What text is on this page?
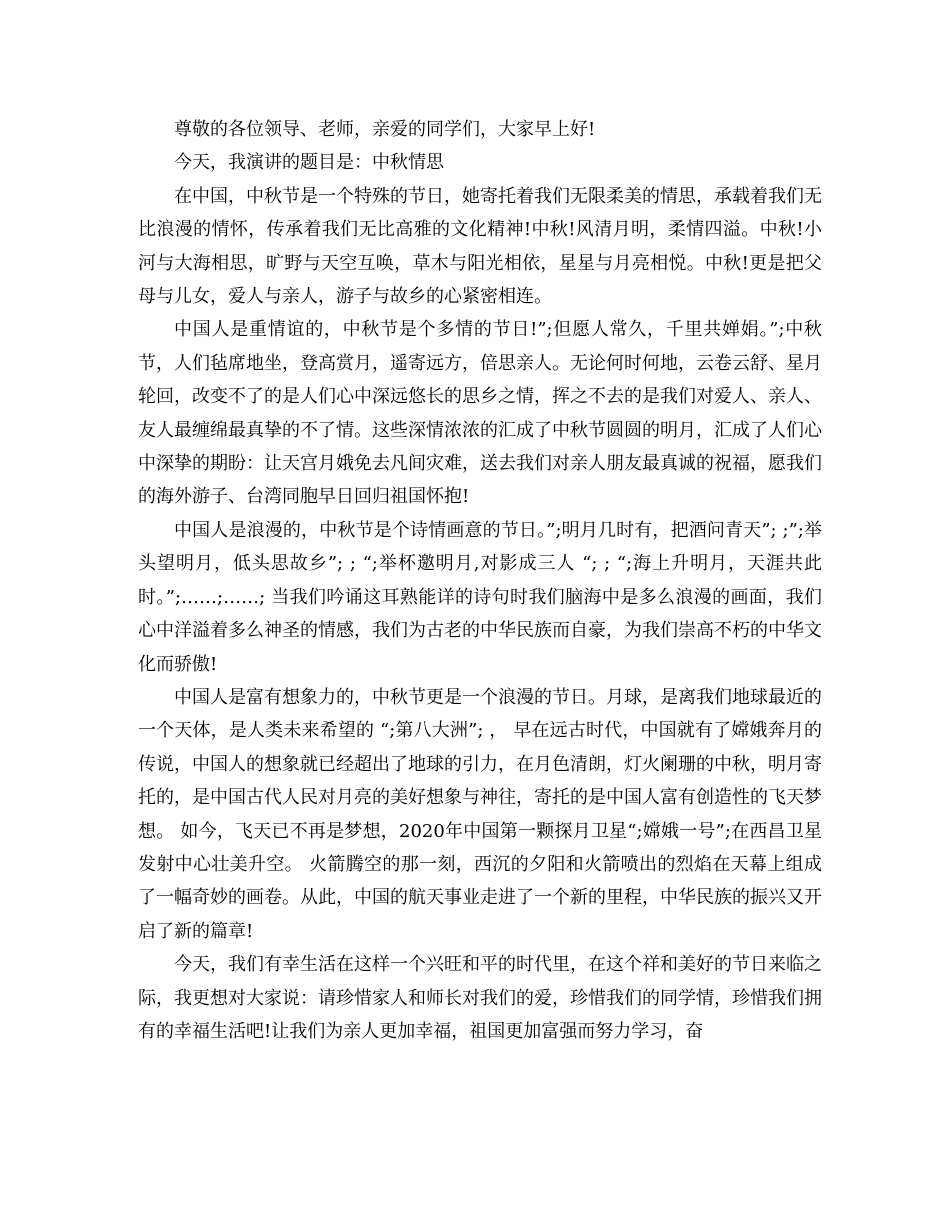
尊敬的各位领导、老师，亲爱的同学们，大家早上好!

今天，我演讲的题目是：中秋情思

在中国，中秋节是一个特殊的节日，她寄托着我们无限柔美的情思，承载着我们无比浪漫的情怀，传承着我们无比高雅的文化精神!中秋!风清月明，柔情四溢。中秋!小河与大海相思，旷野与天空互唤，草木与阳光相依，星星与月亮相悦。中秋!更是把父母与儿女，爱人与亲人，游子与故乡的心紧密相连。

中国人是重情谊的，中秋节是个多情的节日!”;但愿人常久，千里共婵娟。”;中秋节，人们毡席地坐，登高赏月，遥寄远方，倍思亲人。无论何时何地，云卷云舒、星月轮回，改变不了的是人们心中深远悠长的思乡之情，挥之不去的是我们对爱人、亲人、友人最缠绵最真挚的不了情。这些深情浓浓的汇成了中秋节圆圆的明月，汇成了人们心中深挚的期盼：让天宫月娥免去凡间灾难，送去我们对亲人朋友最真诚的祝福，愿我们的海外游子、台湾同胞早日回归祖国怀抱!

中国人是浪漫的，中秋节是个诗情画意的节日。”;明月几时有，把酒问青天”; ;”;举头望明月，低头思故乡”; ; “;举杯邀明月,对影成三人 “; ; “;海上升明月，天涯共此时。”;……;……; 当我们吟诵这耳熟能详的诗句时我们脑海中是多么浪漫的画面，我们心中洋溢着多么神圣的情感，我们为古老的中华民族而自豪，为我们崇高不朽的中华文化而骄傲!

中国人是富有想象力的，中秋节更是一个浪漫的节日。月球，是离我们地球最近的一个天体，是人类未来希望的 “;第八大洲”; ， 早在远古时代，中国就有了嫦娥奔月的传说，中国人的想象就已经超出了地球的引力，在月色清朗，灯火阑珊的中秋，明月寄托的，是中国古代人民对月亮的美好想象与神往，寄托的是中国人富有创造性的飞天梦想。 如今，飞天已不再是梦想，2020年中国第一颗探月卫星“;嫦娥一号”;在西昌卫星发射中心壮美升空。 火箭腾空的那一刻，西沉的夕阳和火箭喷出的烈焰在天幕上组成了一幅奇妙的画卷。从此，中国的航天事业走进了一个新的里程，中华民族的振兴又开启了新的篇章!

今天，我们有幸生活在这样一个兴旺和平的时代里，在这个祥和美好的节日来临之际，我更想对大家说：请珍惜家人和师长对我们的爱，珍惜我们的同学情，珍惜我们拥有的幸福生活吧!让我们为亲人更加幸福，祖国更加富强而努力学习，奋
